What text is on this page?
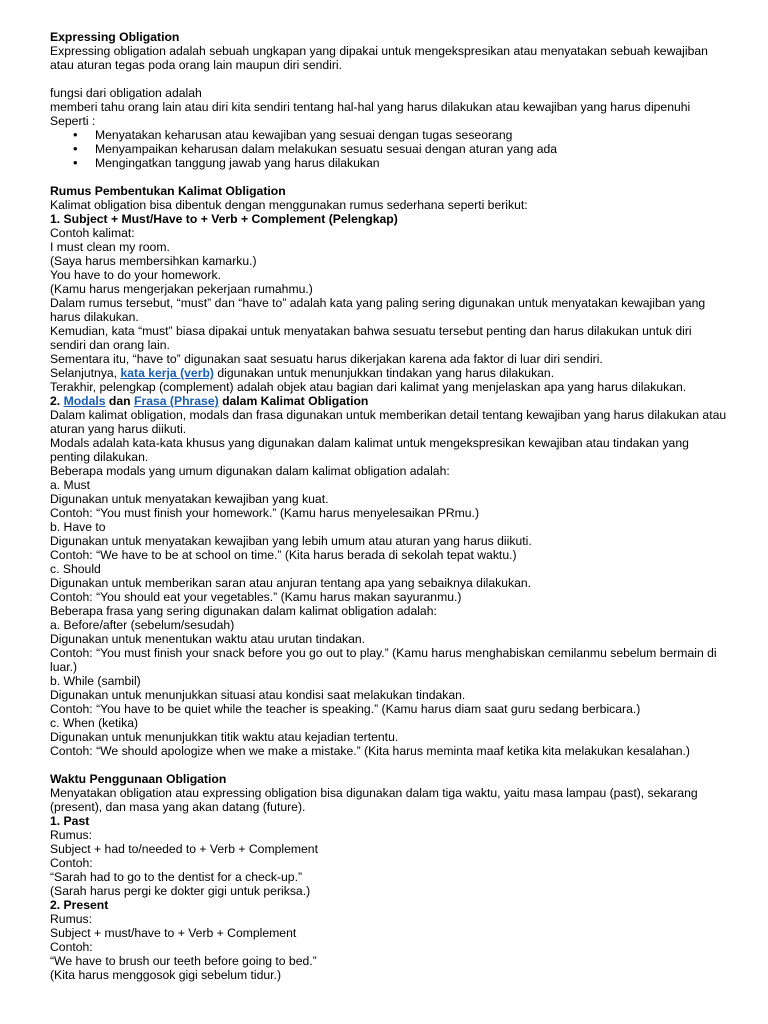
Expressing Obligation

Expressing obligation adalah sebuah ungkapan yang dipakai untuk mengekspresikan atau menyatakan sebuah kewajiban atau aturan tegas poda orang lain maupun diri sendiri.

fungsi dari obligation adalah

memberi tahu orang lain atau diri kita sendiri tentang hal-hal yang harus dilakukan atau kewajiban yang harus dipenuhi

Seperti :

• Menyatakan keharusan atau kewajiban yang sesuai dengan tugas seseorang
• Menyampaikan keharusan dalam melakukan sesuatu sesuai dengan aturan yang ada
• Mengingatkan tanggung jawab yang harus dilakukan

Rumus Pembentukan Kalimat Obligation

Kalimat obligation bisa dibentuk dengan menggunakan rumus sederhana seperti berikut:

1. Subject + Must/Have to + Verb + Complement (Pelengkap)

Contoh kalimat:

I must clean my room.

(Saya harus membersihkan kamarku.)

You have to do your homework.

(Kamu harus mengerjakan pekerjaan rumahmu.)

Dalam rumus tersebut, “must” dan “have to” adalah kata yang paling sering digunakan untuk menyatakan kewajiban yang harus dilakukan.

Kemudian, kata “must” biasa dipakai untuk menyatakan bahwa sesuatu tersebut penting dan harus dilakukan untuk diri sendiri dan orang lain.

Sementara itu, “have to” digunakan saat sesuatu harus dikerjakan karena ada faktor di luar diri sendiri.

Selanjutnya, kata kerja (verb) digunakan untuk menunjukkan tindakan yang harus dilakukan.

Terakhir, pelengkap (complement) adalah objek atau bagian dari kalimat yang menjelaskan apa yang harus dilakukan.

2. Modals dan Frasa (Phrase) dalam Kalimat Obligation

Dalam kalimat obligation, modals dan frasa digunakan untuk memberikan detail tentang kewajiban yang harus dilakukan atau aturan yang harus diikuti.

Modals adalah kata-kata khusus yang digunakan dalam kalimat untuk mengekspresikan kewajiban atau tindakan yang penting dilakukan.

Beberapa modals yang umum digunakan dalam kalimat obligation adalah:

a. Must

Digunakan untuk menyatakan kewajiban yang kuat.

Contoh: “You must finish your homework.” (Kamu harus menyelesaikan PRmu.)

b. Have to

Digunakan untuk menyatakan kewajiban yang lebih umum atau aturan yang harus diikuti.

Contoh: “We have to be at school on time.” (Kita harus berada di sekolah tepat waktu.)

c. Should

Digunakan untuk memberikan saran atau anjuran tentang apa yang sebaiknya dilakukan.

Contoh: “You should eat your vegetables.” (Kamu harus makan sayuranmu.)

Beberapa frasa yang sering digunakan dalam kalimat obligation adalah:

a. Before/after (sebelum/sesudah)

Digunakan untuk menentukan waktu atau urutan tindakan.

Contoh: “You must finish your snack before you go out to play.” (Kamu harus menghabiskan cemilanmu sebelum bermain di luar.)

b. While (sambil)

Digunakan untuk menunjukkan situasi atau kondisi saat melakukan tindakan.

Contoh: “You have to be quiet while the teacher is speaking.” (Kamu harus diam saat guru sedang berbicara.)

c. When (ketika)

Digunakan untuk menunjukkan titik waktu atau kejadian tertentu.

Contoh: “We should apologize when we make a mistake.” (Kita harus meminta maaf ketika kita melakukan kesalahan.)

Waktu Penggunaan Obligation

Menyatakan obligation atau expressing obligation bisa digunakan dalam tiga waktu, yaitu masa lampau (past), sekarang (present), dan masa yang akan datang (future).

1. Past

Rumus:

Subject + had to/needed to + Verb + Complement

Contoh:

“Sarah had to go to the dentist for a check-up.”

(Sarah harus pergi ke dokter gigi untuk periksa.)

2. Present

Rumus:

Subject + must/have to + Verb + Complement

Contoh:

“We have to brush our teeth before going to bed.”

(Kita harus menggosok gigi sebelum tidur.)
